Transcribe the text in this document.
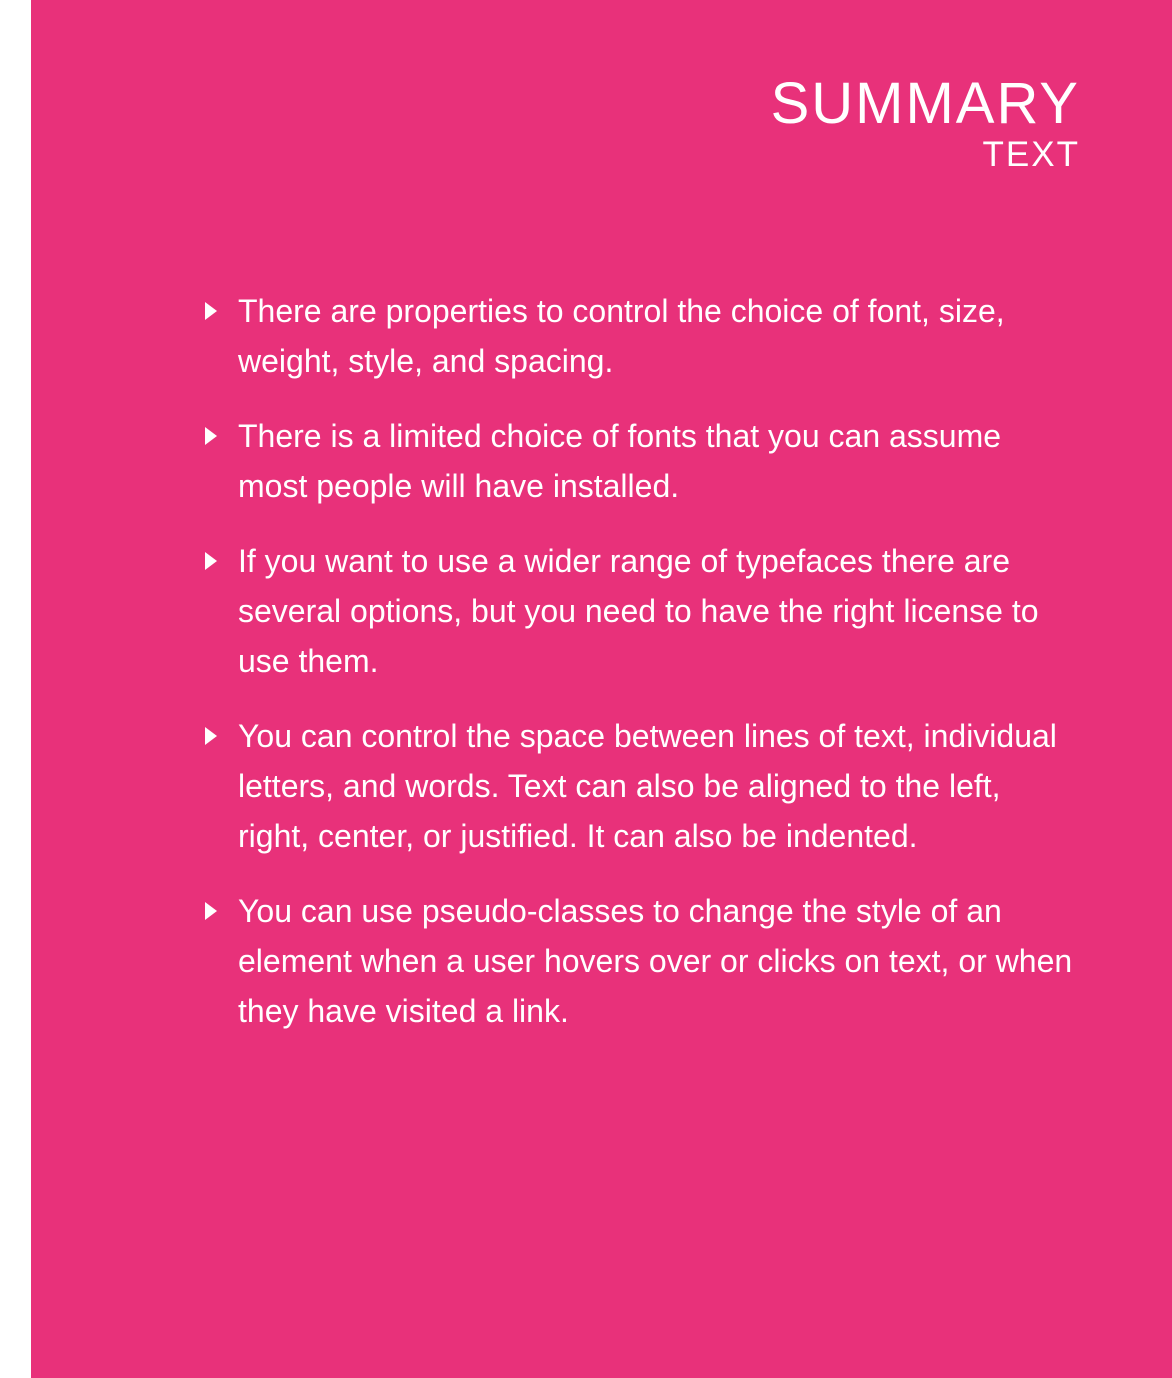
SUMMARY
TEXT
There are properties to control the choice of font, size, weight, style, and spacing.
There is a limited choice of fonts that you can assume most people will have installed.
If you want to use a wider range of typefaces there are several options, but you need to have the right license to use them.
You can control the space between lines of text, individual letters, and words. Text can also be aligned to the left, right, center, or justified. It can also be indented.
You can use pseudo-classes to change the style of an element when a user hovers over or clicks on text, or when they have visited a link.
